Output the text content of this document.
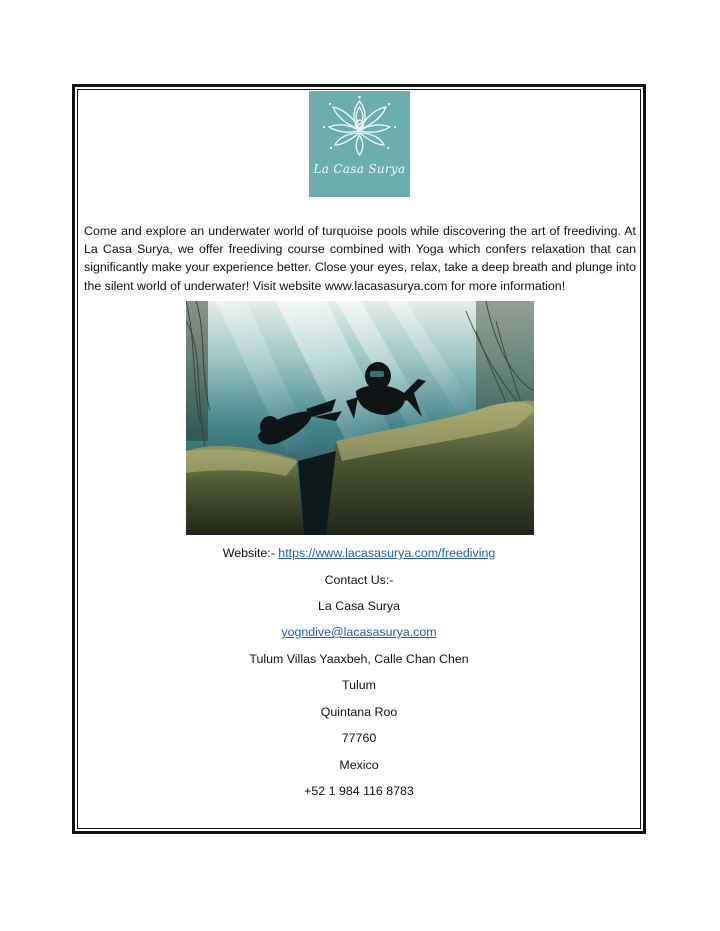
La Casa Surya

Come and explore an underwater world of turquoise pools while discovering the art of freediving. At La Casa Surya, we offer freediving course combined with Yoga which confers relaxation that can significantly make your experience better. Close your eyes, relax, take a deep breath and plunge into the silent world of underwater! Visit website www.lacasasurya.com for more information!

Website:- https://www.lacasasurya.com/freediving
Contact Us:-
La Casa Surya
yogndive@lacasasurya.com
Tulum Villas Yaaxbeh, Calle Chan Chen
Tulum
Quintana Roo
77760
Mexico
+52 1 984 116 8783
